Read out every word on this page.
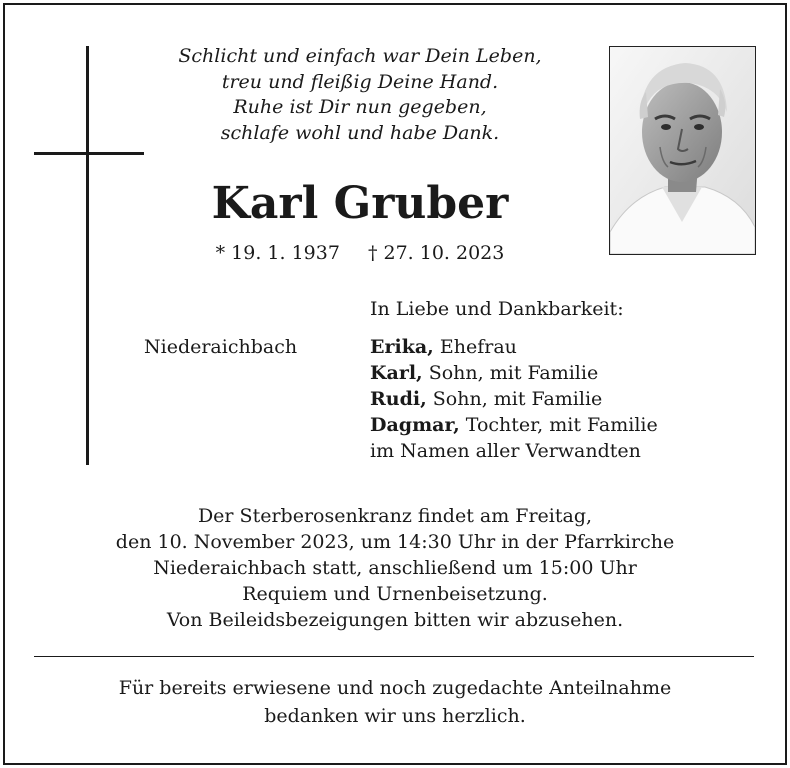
Schlicht und einfach war Dein Leben,
treu und fleißig Deine Hand.
Ruhe ist Dir nun gegeben,
schlafe wohl und habe Dank.
Karl Gruber
* 19. 1. 1937 † 27. 10. 2023
Niederaichbach
In Liebe und Dankbarkeit:
Erika, Ehefrau
Karl, Sohn, mit Familie
Rudi, Sohn, mit Familie
Dagmar, Tochter, mit Familie
im Namen aller Verwandten
Der Sterberosenkranz findet am Freitag,
den 10. November 2023, um 14:30 Uhr in der Pfarrkirche
Niederaichbach statt, anschließend um 15:00 Uhr
Requiem und Urnenbeisetzung.
Von Beileidsbezeigungen bitten wir abzusehen.
Für bereits erwiesene und noch zugedachte Anteilnahme
bedanken wir uns herzlich.
